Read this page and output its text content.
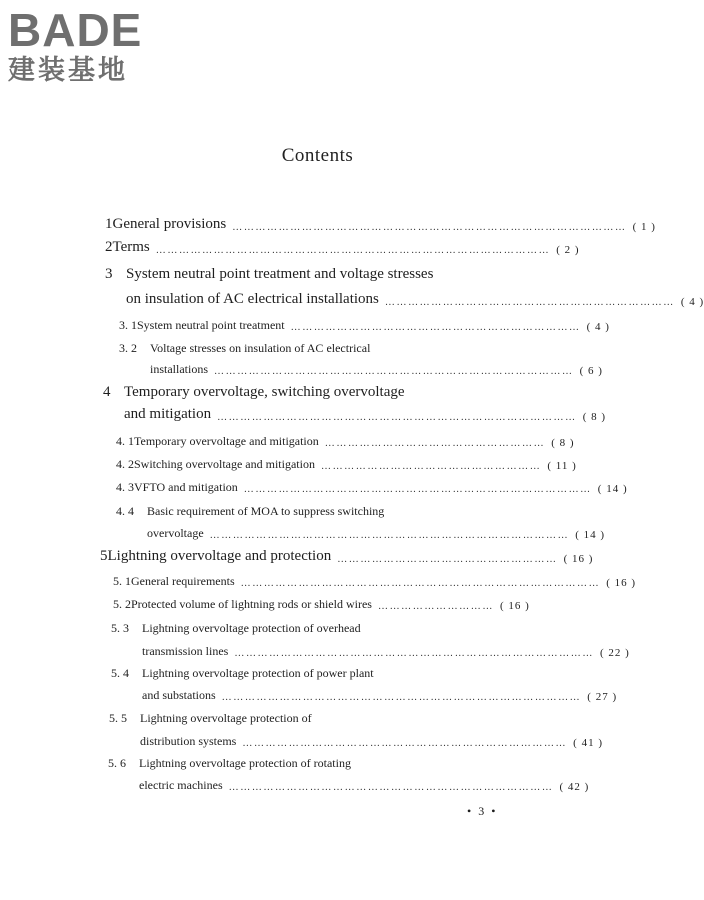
BADE
建装基地
Contents
1 General provisions ………………………………………………………………………………………… ( 1 )
2 Terms ………………………………………………………………………………………… ( 2 )
3 System neutral point treatment and voltage stresses
on insulation of AC electrical installations ………………………………………………………………… ( 4 )
3. 1 System neutral point treatment ………………………………………………………………… ( 4 )
3. 2 Voltage stresses on insulation of AC electrical
installations ………………………………………………………………………………… ( 6 )
4 Temporary overvoltage, switching overvoltage
and mitigation ………………………………………………………………………………… ( 8 )
4. 1 Temporary overvoltage and mitigation ………………………………………………… ( 8 )
4. 2 Switching overvoltage and mitigation ………………………………………………… ( 11 )
4. 3 VFTO and mitigation ……………………………………………………………………………… ( 14 )
4. 4 Basic requirement of MOA to suppress switching
overvoltage ………………………………………………………………………………… ( 14 )
5 Lightning overvoltage and protection ………………………………………………… ( 16 )
5. 1 General requirements ………………………………………………………………………………… ( 16 )
5. 2 Protected volume of lightning rods or shield wires ………………………… ( 16 )
5. 3 Lightning overvoltage protection of overhead
transmission lines ………………………………………………………………………………… ( 22 )
5. 4 Lightning overvoltage protection of power plant
and substations ………………………………………………………………………………… ( 27 )
5. 5 Lightning overvoltage protection of
distribution systems ………………………………………………………………………… ( 41 )
5. 6 Lightning overvoltage protection of rotating
electric machines ………………………………………………………………………… ( 42 )
• 3 •
